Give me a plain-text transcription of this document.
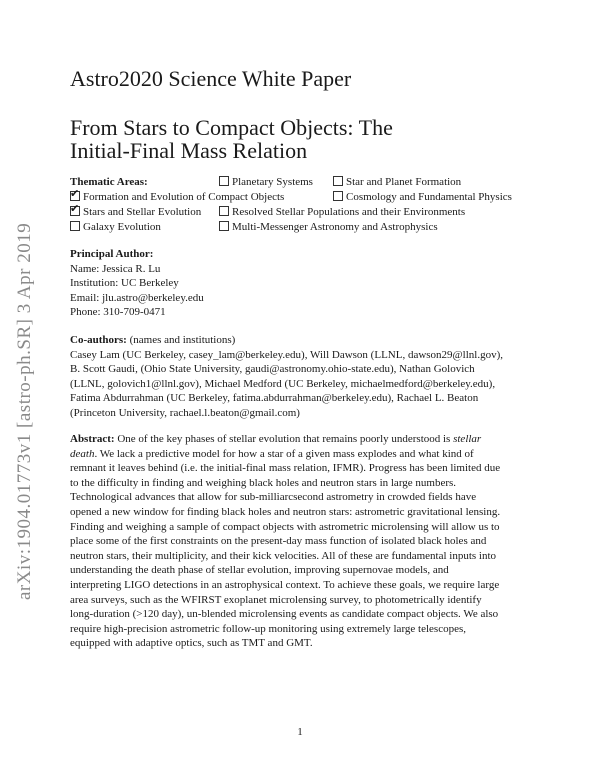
arXiv:1904.01773v1 [astro-ph.SR] 3 Apr 2019
Astro2020 Science White Paper
From Stars to Compact Objects: The
Initial-Final Mass Relation
Thematic Areas:	Planetary Systems	Star and Planet Formation
✔Formation and Evolution of Compact Objects	Cosmology and Fundamental Physics
✔Stars and Stellar Evolution	Resolved Stellar Populations and their Environments
Galaxy Evolution	Multi-Messenger Astronomy and Astrophysics

Principal Author:

Name: Jessica R. Lu

Institution: UC Berkeley

Email: jlu.astro@berkeley.edu

Phone: 310-709-0471

Co-authors: (names and institutions)

Casey Lam (UC Berkeley, casey_lam@berkeley.edu), Will Dawson (LLNL, dawson29@llnl.gov),

B. Scott Gaudi, (Ohio State University, gaudi@astronomy.ohio-state.edu), Nathan Golovich

(LLNL, golovich1@llnl.gov), Michael Medford (UC Berkeley, michaelmedford@berkeley.edu),

Fatima Abdurrahman (UC Berkeley, fatima.abdurrahman@berkeley.edu), Rachael L. Beaton

(Princeton University, rachael.l.beaton@gmail.com)

Abstract: One of the key phases of stellar evolution that remains poorly understood is stellar

death. We lack a predictive model for how a star of a given mass explodes and what kind of

remnant it leaves behind (i.e. the initial-final mass relation, IFMR). Progress has been limited due

to the difficulty in finding and weighing black holes and neutron stars in large numbers.

Technological advances that allow for sub-milliarcsecond astrometry in crowded fields have

opened a new window for finding black holes and neutron stars: astrometric gravitational lensing.

Finding and weighing a sample of compact objects with astrometric microlensing will allow us to

place some of the first constraints on the present-day mass function of isolated black holes and

neutron stars, their multiplicity, and their kick velocities. All of these are fundamental inputs into

understanding the death phase of stellar evolution, improving supernovae models, and

interpreting LIGO detections in an astrophysical context. To achieve these goals, we require large

area surveys, such as the WFIRST exoplanet microlensing survey, to photometrically identify

long-duration (>120 day), un-blended microlensing events as candidate compact objects. We also

require high-precision astrometric follow-up monitoring using extremely large telescopes,

equipped with adaptive optics, such as TMT and GMT.

1
